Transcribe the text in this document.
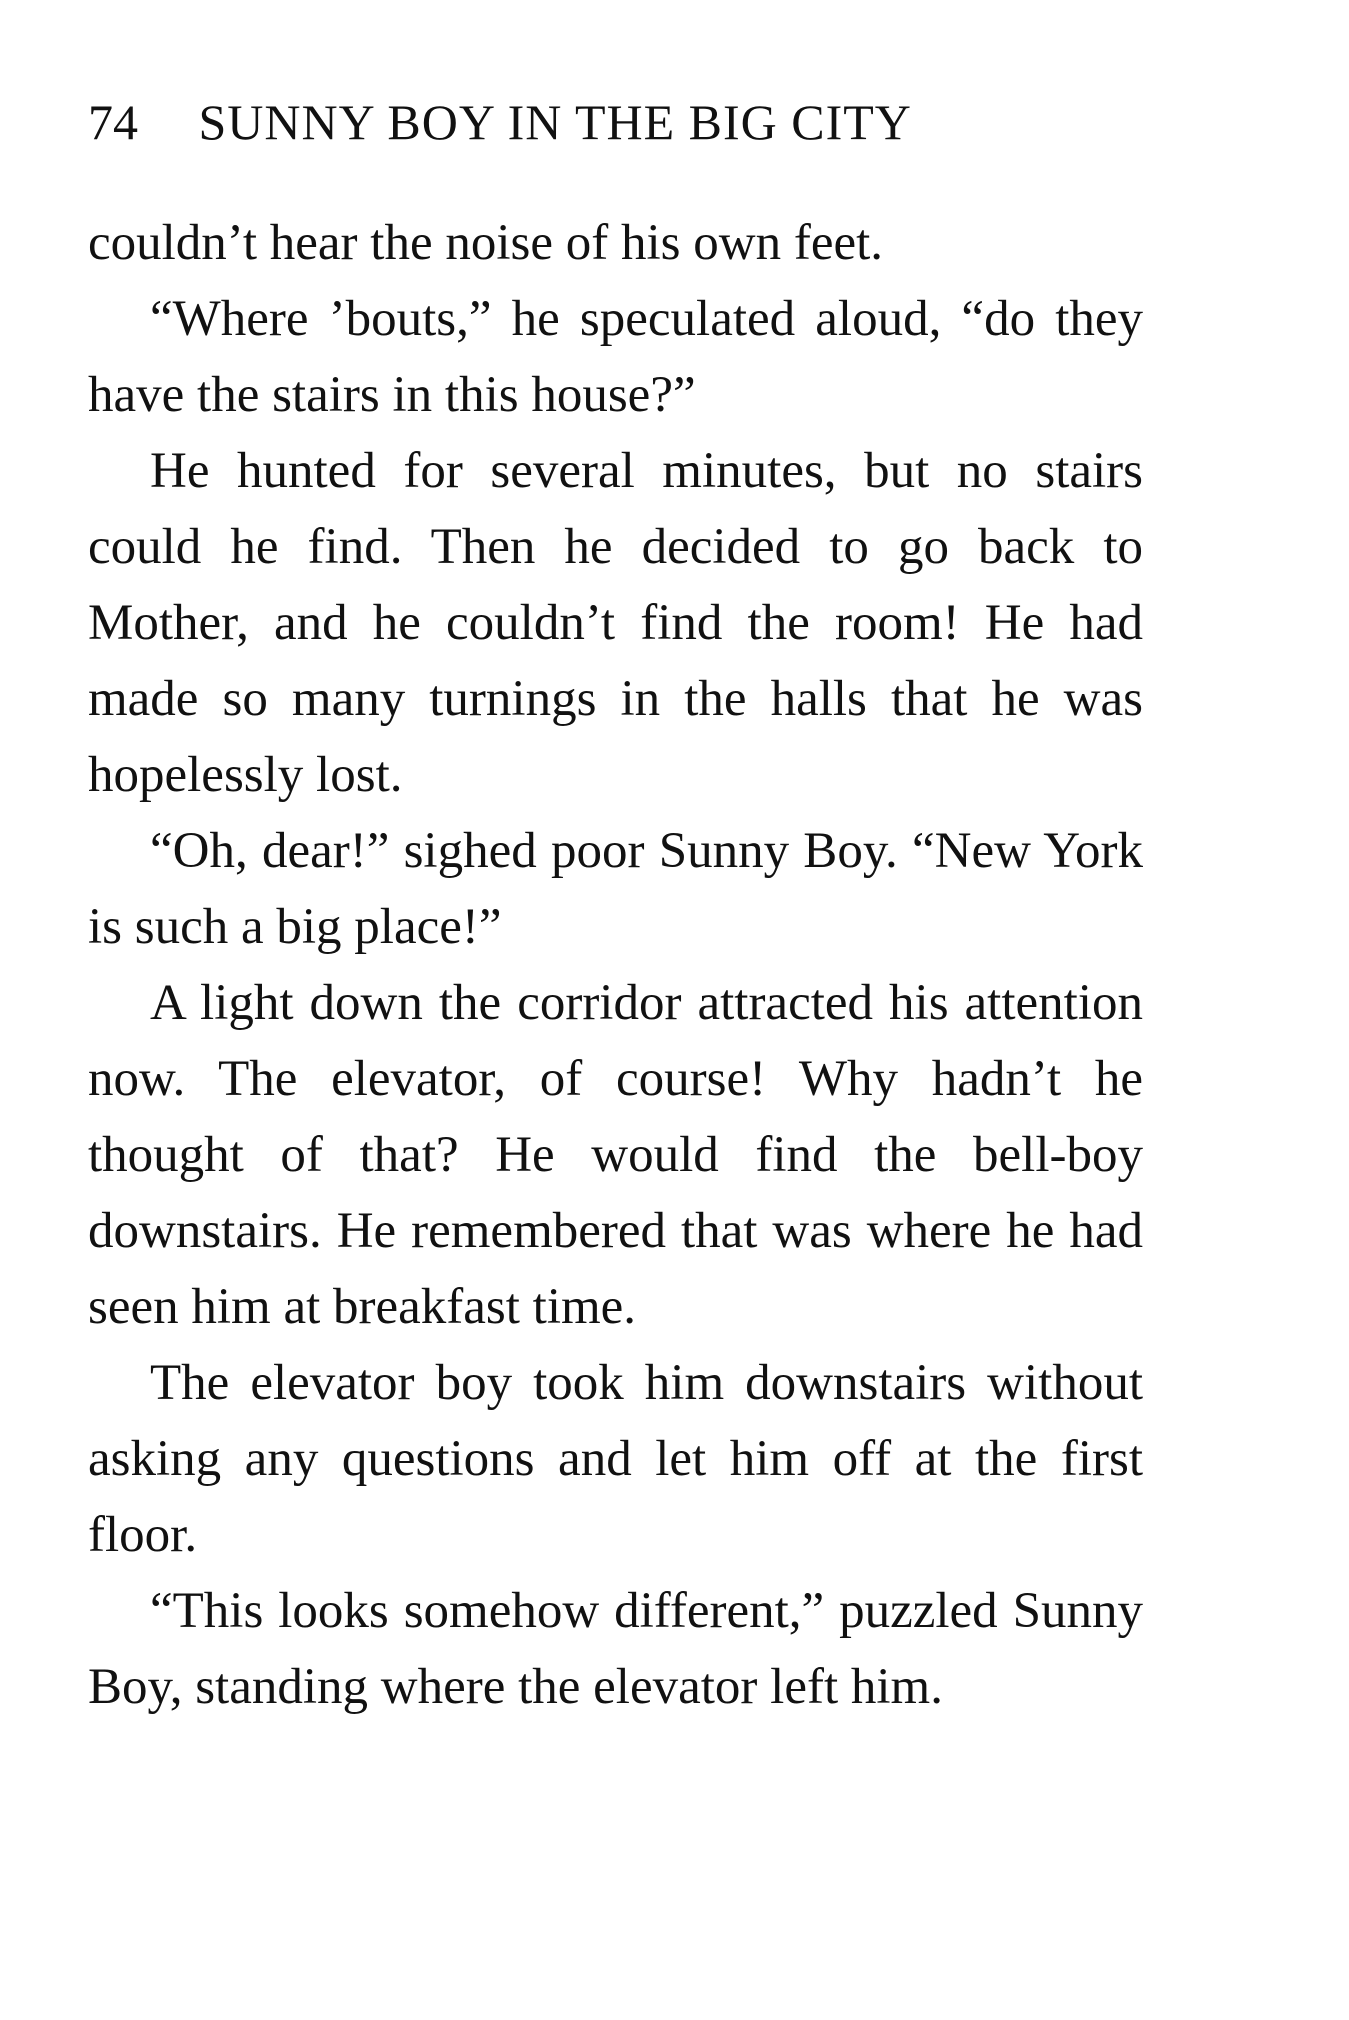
74 SUNNY BOY IN THE BIG CITY

couldn’t hear the noise of his own feet.

“Where ’bouts,” he speculated aloud, “do they have the stairs in this house?”

He hunted for several minutes, but no stairs could he find. Then he decided to go back to Mother, and he couldn’t find the room! He had made so many turnings in the halls that he was hopelessly lost.

“Oh, dear!” sighed poor Sunny Boy. “New York is such a big place!”

A light down the corridor attracted his attention now. The elevator, of course! Why hadn’t he thought of that? He would find the bell-boy downstairs. He remembered that was where he had seen him at breakfast time.

The elevator boy took him downstairs without asking any questions and let him off at the first floor.

“This looks somehow different,” puzzled Sunny Boy, standing where the elevator left him.
